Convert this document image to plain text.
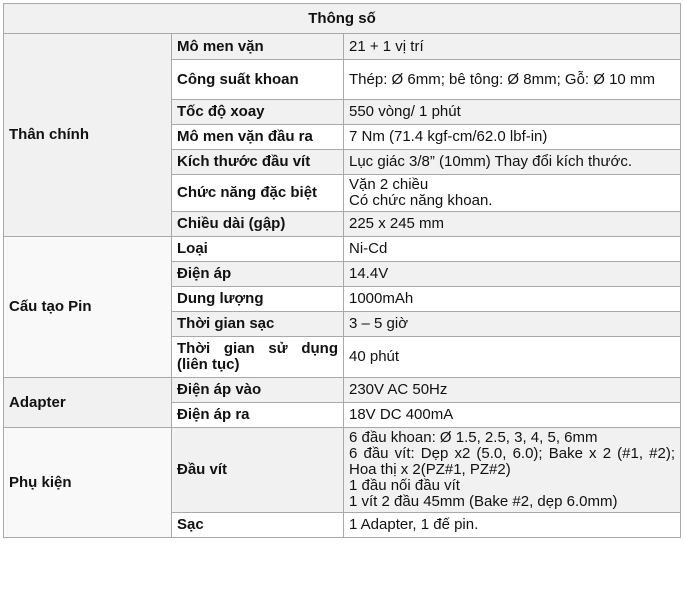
Thông số		
Thân chính	Mô men vặn	21 + 1 vị trí

	Công suất khoan	Thép: Ø 6mm; bê tông: Ø 8mm; Gỗ: Ø 10 mm

	Tốc độ xoay	550 vòng/ 1 phút

	Mô men vặn đầu ra	7 Nm (71.4 kgf-cm/62.0 lbf-in)

	Kích thước đầu vít	Lục giác 3/8” (10mm) Thay đổi kích thước.

	Chức năng đặc biệt	Vặn 2 chiều
Có chức năng khoan.

	Chiều dài (gập)	225 x 245 mm

Cấu tạo Pin	Loại	Ni-Cd

	Điện áp	14.4V

	Dung lượng	1000mAh

	Thời gian sạc	3 – 5 giờ

	Thời gian sử dụng (liên tục)	40 phút

Adapter	Điện áp vào	230V AC 50Hz

	Điện áp ra	18V DC 400mA

Phụ kiện	Đầu vít	6 đầu khoan: Ø 1.5, 2.5, 3, 4, 5, 6mm
6 đầu vít: Dẹp x2 (5.0, 6.0); Bake x 2 (#1, #2); Hoa thị x 2(PZ#1, PZ#2)
1 đầu nối đầu vít
1 vít 2 đầu 45mm (Bake #2, dẹp 6.0mm)

	Sạc	1 Adapter, 1 đế pin.
